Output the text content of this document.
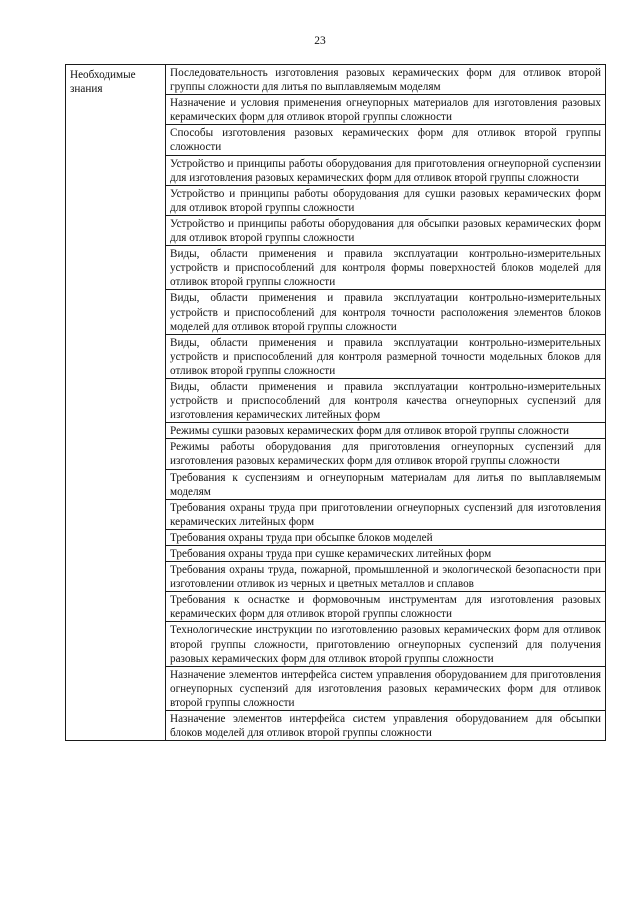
23
Необходимые знания	Последовательность изготовления разовых керамических форм для отливок второй группы сложности для литья по выплавляемым моделям
Назначение и условия применения огнеупорных материалов для изготовления разовых керамических форм для отливок второй группы сложности
Способы изготовления разовых керамических форм для отливок второй группы сложности
Устройство и принципы работы оборудования для приготовления огнеупорной суспензии для изготовления разовых керамических форм для отливок второй группы сложности
Устройство и принципы работы оборудования для сушки разовых керамических форм для отливок второй группы сложности
Устройство и принципы работы оборудования для обсыпки разовых керамических форм для отливок второй группы сложности
Виды, области применения и правила эксплуатации контрольно-измерительных устройств и приспособлений для контроля формы поверхностей блоков моделей для отливок второй группы сложности
Виды, области применения и правила эксплуатации контрольно-измерительных устройств и приспособлений для контроля точности расположения элементов блоков моделей для отливок второй группы сложности
Виды, области применения и правила эксплуатации контрольно-измерительных устройств и приспособлений для контроля размерной точности модельных блоков для отливок второй группы сложности
Виды, области применения и правила эксплуатации контрольно-измерительных устройств и приспособлений для контроля качества огнеупорных суспензий для изготовления керамических литейных форм
Режимы сушки разовых керамических форм для отливок второй группы сложности
Режимы работы оборудования для приготовления огнеупорных суспензий для изготовления разовых керамических форм для отливок второй группы сложности
Требования к суспензиям и огнеупорным материалам для литья по выплавляемым моделям
Требования охраны труда при приготовлении огнеупорных суспензий для изготовления керамических литейных форм
Требования охраны труда при обсыпке блоков моделей
Требования охраны труда при сушке керамических литейных форм
Требования охраны труда, пожарной, промышленной и экологической безопасности при изготовлении отливок из черных и цветных металлов и сплавов
Требования к оснастке и формовочным инструментам для изготовления разовых керамических форм для отливок второй группы сложности
Технологические инструкции по изготовлению разовых керамических форм для отливок второй группы сложности, приготовлению огнеупорных суспензий для получения разовых керамических форм для отливок второй группы сложности
Назначение элементов интерфейса систем управления оборудованием для приготовления огнеупорных суспензий для изготовления разовых керамических форм для отливок второй группы сложности
Назначение элементов интерфейса систем управления оборудованием для обсыпки блоков моделей для отливок второй группы сложности
